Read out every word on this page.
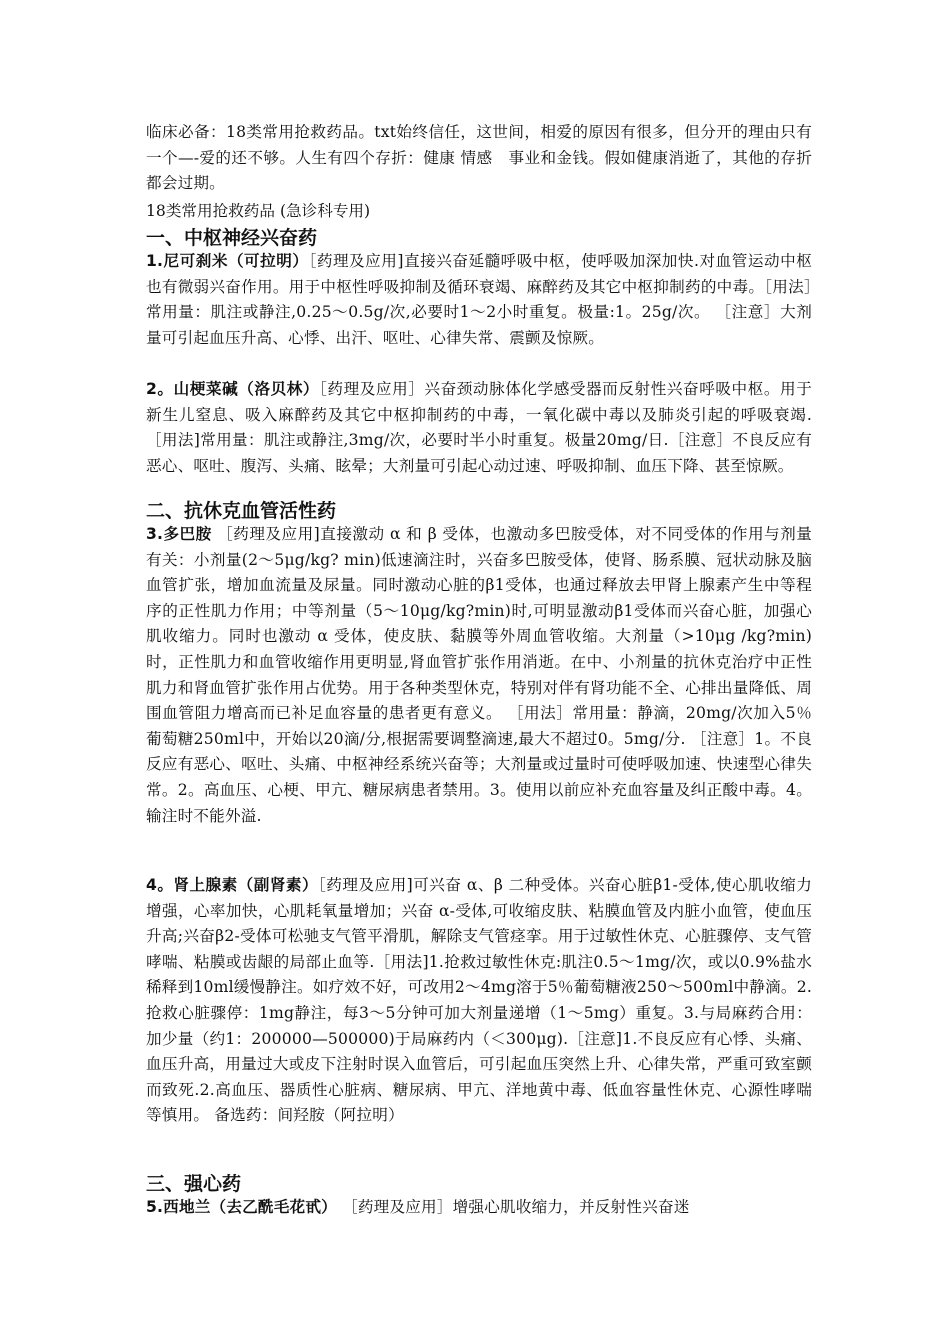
临床必备：18类常用抢救药品。txt始终信任，这世间，相爱的原因有很多，但分开的理由只有一个—-爱的还不够。人生有四个存折：健康 情感　事业和金钱。假如健康消逝了，其他的存折都会过期。

18类常用抢救药品 (急诊科专用)

一、中枢神经兴奋药

1.尼可刹米（可拉明）［药理及应用]直接兴奋延髓呼吸中枢，使呼吸加深加快.对血管运动中枢也有微弱兴奋作用。用于中枢性呼吸抑制及循环衰竭、麻醉药及其它中枢抑制药的中毒。［用法］常用量：肌注或静注,0.25～0.5g/次,必要时1～2小时重复。极量:1。25g/次。 ［注意］大剂量可引起血压升高、心悸、出汗、呕吐、心律失常、震颤及惊厥。

2。山梗菜碱（洛贝林）［药理及应用］兴奋颈动脉体化学感受器而反射性兴奋呼吸中枢。用于新生儿窒息、吸入麻醉药及其它中枢抑制药的中毒，一氧化碳中毒以及肺炎引起的呼吸衰竭.［用法]常用量：肌注或静注,3mg/次，必要时半小时重复。极量20mg/日.［注意］不良反应有恶心、呕吐、腹泻、头痛、眩晕；大剂量可引起心动过速、呼吸抑制、血压下降、甚至惊厥。

二、抗休克血管活性药

3.多巴胺 ［药理及应用]直接激动 α 和 β 受体，也激动多巴胺受体，对不同受体的作用与剂量有关：小剂量(2～5μg/kg? min)低速滴注时，兴奋多巴胺受体，使肾、肠系膜、冠状动脉及脑血管扩张，增加血流量及尿量。同时激动心脏的β1受体，也通过释放去甲肾上腺素产生中等程序的正性肌力作用；中等剂量（5～10μg/kg?min)时,可明显激动β1受体而兴奋心脏，加强心肌收缩力。同时也激动 α 受体，使皮肤、黏膜等外周血管收缩。大剂量（>10μg /kg?min)时，正性肌力和血管收缩作用更明显,肾血管扩张作用消逝。在中、小剂量的抗休克治疗中正性肌力和肾血管扩张作用占优势。用于各种类型休克，特别对伴有肾功能不全、心排出量降低、周围血管阻力增高而已补足血容量的患者更有意义。 ［用法］常用量：静滴，20mg/次加入5％葡萄糖250ml中，开始以20滴/分,根据需要调整滴速,最大不超过0。5mg/分. ［注意］1。不良反应有恶心、呕吐、头痛、中枢神经系统兴奋等；大剂量或过量时可使呼吸加速、快速型心律失常。2。高血压、心梗、甲亢、糖尿病患者禁用。3。使用以前应补充血容量及纠正酸中毒。4。输注时不能外溢.

4。肾上腺素（副肾素）［药理及应用]可兴奋 α、β 二种受体。兴奋心脏β1-受体,使心肌收缩力增强，心率加快，心肌耗氧量增加；兴奋 α-受体,可收缩皮肤、粘膜血管及内脏小血管，使血压升高;兴奋β2-受体可松驰支气管平滑肌，解除支气管痉挛。用于过敏性休克、心脏骤停、支气管哮喘、粘膜或齿龈的局部止血等.［用法]1.抢救过敏性休克:肌注0.5～1mg/次，或以0.9%盐水稀释到10ml缓慢静注。如疗效不好，可改用2～4mg溶于5％葡萄糖液250～500ml中静滴。2.抢救心脏骤停：1mg静注，每3～5分钟可加大剂量递增（1～5mg）重复。3.与局麻药合用：加少量（约1：200000—500000)于局麻药内（＜300μg).［注意]1.不良反应有心悸、头痛、血压升高，用量过大或皮下注射时误入血管后，可引起血压突然上升、心律失常，严重可致室颤而致死.2.高血压、器质性心脏病、糖尿病、甲亢、洋地黄中毒、低血容量性休克、心源性哮喘等慎用。 备选药：间羟胺（阿拉明）

三、强心药

5.西地兰（去乙酰毛花甙） ［药理及应用］增强心肌收缩力，并反射性兴奋迷
